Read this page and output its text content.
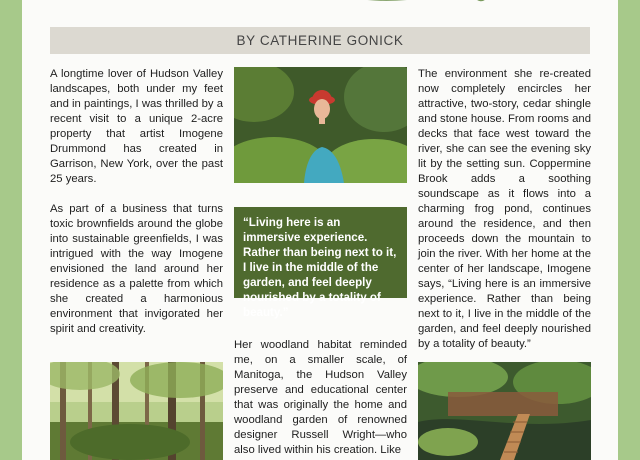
BY CATHERINE GONICK

A longtime lover of Hudson Valley landscapes, both under my feet and in paintings, I was thrilled by a recent visit to a unique 2-acre property that artist Imogene Drummond has created in Garrison, New York, over the past 25 years.

As part of a business that turns toxic brownfields around the globe into sustainable greenfields, I was intrigued with the way Imogene envisioned the land around her residence as a palette from which she created a harmonious environment that invigorated her spirit and creativity.

“Living here is an immersive experience. Rather than being next to it, I live in the middle of the garden, and feel deeply nourished by a totality of beauty.”

Her woodland habitat reminded me, on a smaller scale, of Manitoga, the Hudson Valley preserve and educational center that was originally the home and woodland garden of renowned designer Russell Wright—who also lived within his creation. Like

The environment she re-created now completely encircles her attractive, two-story, cedar shingle and stone house. From rooms and decks that face west toward the river, she can see the evening sky lit by the setting sun. Coppermine Brook adds a soothing soundscape as it flows into a charming frog pond, continues around the residence, and then proceeds down the mountain to join the river. With her home at the center of her landscape, Imogene says, “Living here is an immersive experience. Rather than being next to it, I live in the middle of the garden, and feel deeply nourished by a totality of beauty.”
